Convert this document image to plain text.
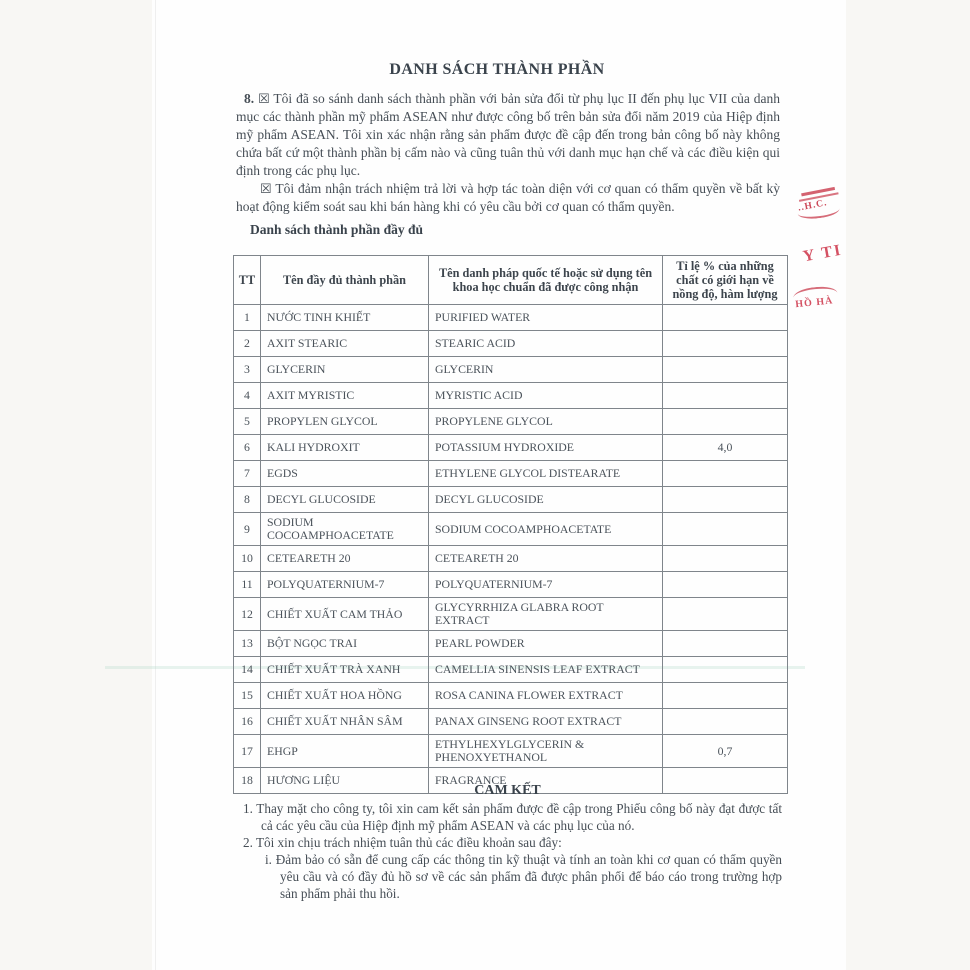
DANH SÁCH THÀNH PHẦN

8. ☒ Tôi đã so sánh danh sách thành phần với bản sửa đổi từ phụ lục II đến phụ lục VII của danh mục các thành phần mỹ phẩm ASEAN như được công bố trên bản sửa đổi năm 2019 của Hiệp định mỹ phẩm ASEAN. Tôi xin xác nhận rằng sản phẩm được đề cập đến trong bản công bố này không chứa bất cứ một thành phần bị cấm nào và cũng tuân thủ với danh mục hạn chế và các điều kiện qui định trong các phụ lục.

☒ Tôi đảm nhận trách nhiệm trả lời và hợp tác toàn diện với cơ quan có thẩm quyền về bất kỳ hoạt động kiểm soát sau khi bán hàng khi có yêu cầu bởi cơ quan có thẩm quyền.

Danh sách thành phần đầy đủ
TT	Tên đầy đủ thành phần	Tên danh pháp quốc tế hoặc sử dụng tên khoa học chuẩn đã được công nhận	Tỉ lệ % của những chất có giới hạn về nồng độ, hàm lượng
1	NƯỚC TINH KHIẾT	PURIFIED WATER	
2	AXIT STEARIC	STEARIC ACID	
3	GLYCERIN	GLYCERIN	
4	AXIT MYRISTIC	MYRISTIC ACID	
5	PROPYLEN GLYCOL	PROPYLENE GLYCOL	
6	KALI HYDROXIT	POTASSIUM HYDROXIDE	4,0
7	EGDS	ETHYLENE GLYCOL DISTEARATE	
8	DECYL GLUCOSIDE	DECYL GLUCOSIDE	
9	SODIUM COCOAMPHOACETATE	SODIUM COCOAMPHOACETATE	
10	CETEARETH 20	CETEARETH 20	
11	POLYQUATERNIUM-7	POLYQUATERNIUM-7	
12	CHIẾT XUẤT CAM THẢO	GLYCYRRHIZA GLABRA ROOT EXTRACT	
13	BỘT NGỌC TRAI	PEARL POWDER	
14	CHIẾT XUẤT TRÀ XANH	CAMELLIA SINENSIS LEAF EXTRACT	
15	CHIẾT XUẤT HOA HỒNG	ROSA CANINA FLOWER EXTRACT	
16	CHIẾT XUẤT NHÂN SÂM	PANAX GINSENG ROOT EXTRACT	
17	EHGP	ETHYLHEXYLGLYCERIN & PHENOXYETHANOL	0,7
18	HƯƠNG LIỆU	FRAGRANCE	
CAM KẾT
1. Thay mặt cho công ty, tôi xin cam kết sản phẩm được đề cập trong Phiếu công bố này đạt được tất cả các yêu cầu của Hiệp định mỹ phẩm ASEAN và các phụ lục của nó.
2. Tôi xin chịu trách nhiệm tuân thủ các điều khoản sau đây:
i. Đảm bảo có sẵn để cung cấp các thông tin kỹ thuật và tính an toàn khi cơ quan có thẩm quyền yêu cầu và có đầy đủ hồ sơ về các sản phẩm đã được phân phối để báo cáo trong trường hợp sản phẩm phải thu hồi.
..H.C.
Y TI
HỒ HÀ
